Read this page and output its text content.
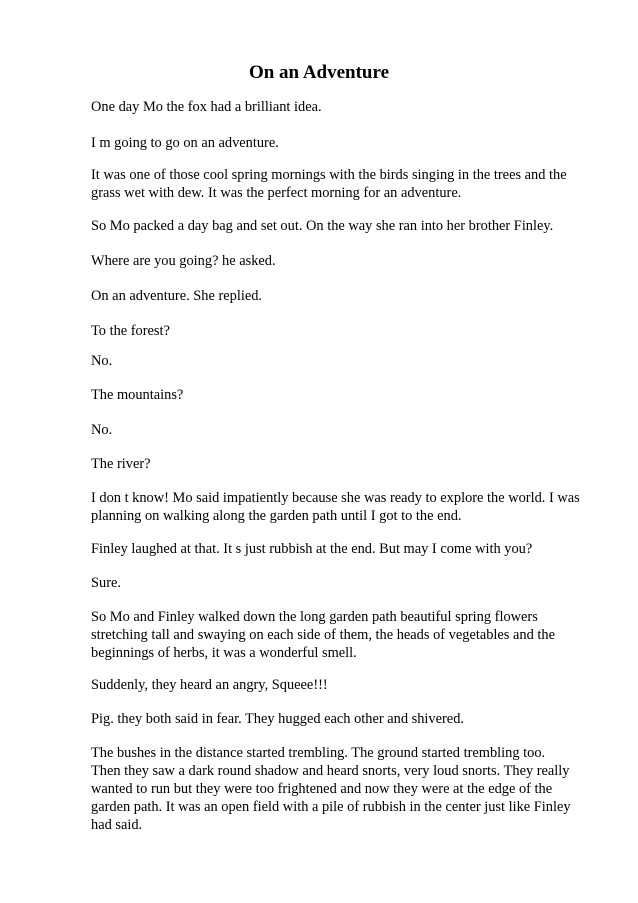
On an Adventure

One day Mo the fox had a brilliant idea.

I m going to go on an adventure.

It was one of those cool spring mornings with the birds singing in the trees and the
grass wet with dew. It was the perfect morning for an adventure.

So Mo packed a day bag and set out. On the way she ran into her brother Finley.

Where are you going? he asked.

On an adventure. She replied.

To the forest?

No.

The mountains?

No.

The river?

I don t know! Mo said impatiently because she was ready to explore the world. I was
planning on walking along the garden path until I got to the end.

Finley laughed at that. It s just rubbish at the end. But may I come with you?

Sure.

So Mo and Finley walked down the long garden path beautiful spring flowers
stretching tall and swaying on each side of them, the heads of vegetables and the
beginnings of herbs, it was a wonderful smell.

Suddenly, they heard an angry, Squeee!!!

Pig. they both said in fear. They hugged each other and shivered.

The bushes in the distance started trembling. The ground started trembling too.
Then they saw a dark round shadow and heard snorts, very loud snorts. They really
wanted to run but they were too frightened and now they were at the edge of the
garden path. It was an open field with a pile of rubbish in the center just like Finley
had said.
